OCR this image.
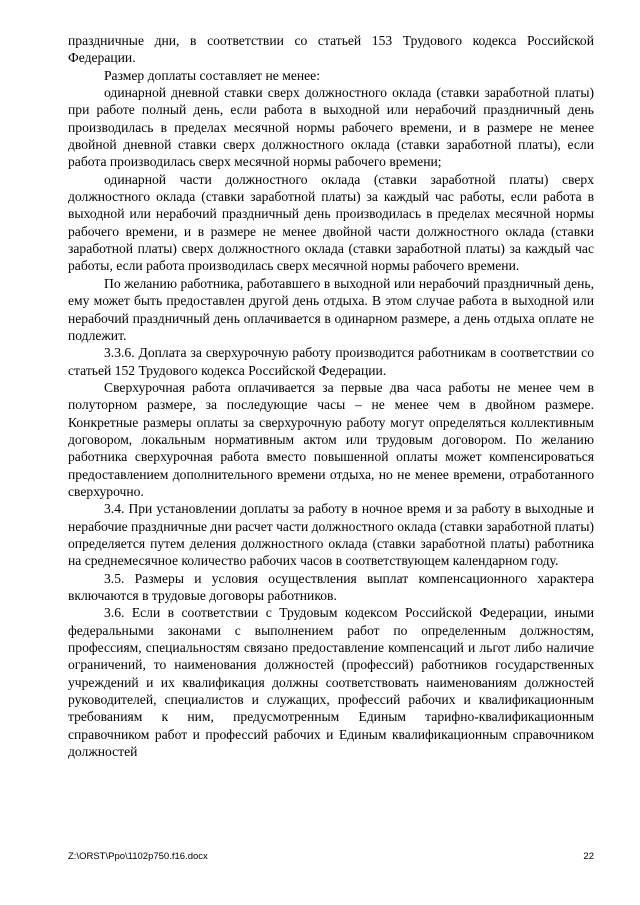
праздничные дни, в соответствии со статьей 153 Трудового кодекса Российской Федерации.

Размер доплаты составляет не менее:

одинарной дневной ставки сверх должностного оклада (ставки заработной платы) при работе полный день, если работа в выходной или нерабочий праздничный день производилась в пределах месячной нормы рабочего времени, и в размере не менее двойной дневной ставки сверх должностного оклада (ставки заработной платы), если работа производилась сверх месячной нормы рабочего времени;

одинарной части должностного оклада (ставки заработной платы) сверх должностного оклада (ставки заработной платы) за каждый час работы, если работа в выходной или нерабочий праздничный день производилась в пределах месячной нормы рабочего времени, и в размере не менее двойной части должностного оклада (ставки заработной платы) сверх должностного оклада (ставки заработной платы) за каждый час работы, если работа производилась сверх месячной нормы рабочего времени.

По желанию работника, работавшего в выходной или нерабочий праздничный день, ему может быть предоставлен другой день отдыха. В этом случае работа в выходной или нерабочий праздничный день оплачивается в одинарном размере, а день отдыха оплате не подлежит.

3.3.6. Доплата за сверхурочную работу производится работникам в соответствии со статьей 152 Трудового кодекса Российской Федерации.

Сверхурочная работа оплачивается за первые два часа работы не менее чем в полуторном размере, за последующие часы – не менее чем в двойном размере. Конкретные размеры оплаты за сверхурочную работу могут определяться коллективным договором, локальным нормативным актом или трудовым договором. По желанию работника сверхурочная работа вместо повышенной оплаты может компенсироваться предоставлением дополнительного времени отдыха, но не менее времени, отработанного сверхурочно.

3.4. При установлении доплаты за работу в ночное время и за работу в выходные и нерабочие праздничные дни расчет части должностного оклада (ставки заработной платы) определяется путем деления должностного оклада (ставки заработной платы) работника на среднемесячное количество рабочих часов в соответствующем календарном году.

3.5. Размеры и условия осуществления выплат компенсационного характера включаются в трудовые договоры работников.

3.6. Если в соответствии с Трудовым кодексом Российской Федерации, иными федеральными законами с выполнением работ по определенным должностям, профессиям, специальностям связано предоставление компенсаций и льгот либо наличие ограничений, то наименования должностей (профессий) работников государственных учреждений и их квалификация должны соответствовать наименованиям должностей руководителей, специалистов и служащих, профессий рабочих и квалификационным требованиям к ним, предусмотренным Единым тарифно-квалификационным справочником работ и профессий рабочих и Единым квалификационным справочником должностей

Z:\ORST\Ppo\1102p750.f16.docx	22
